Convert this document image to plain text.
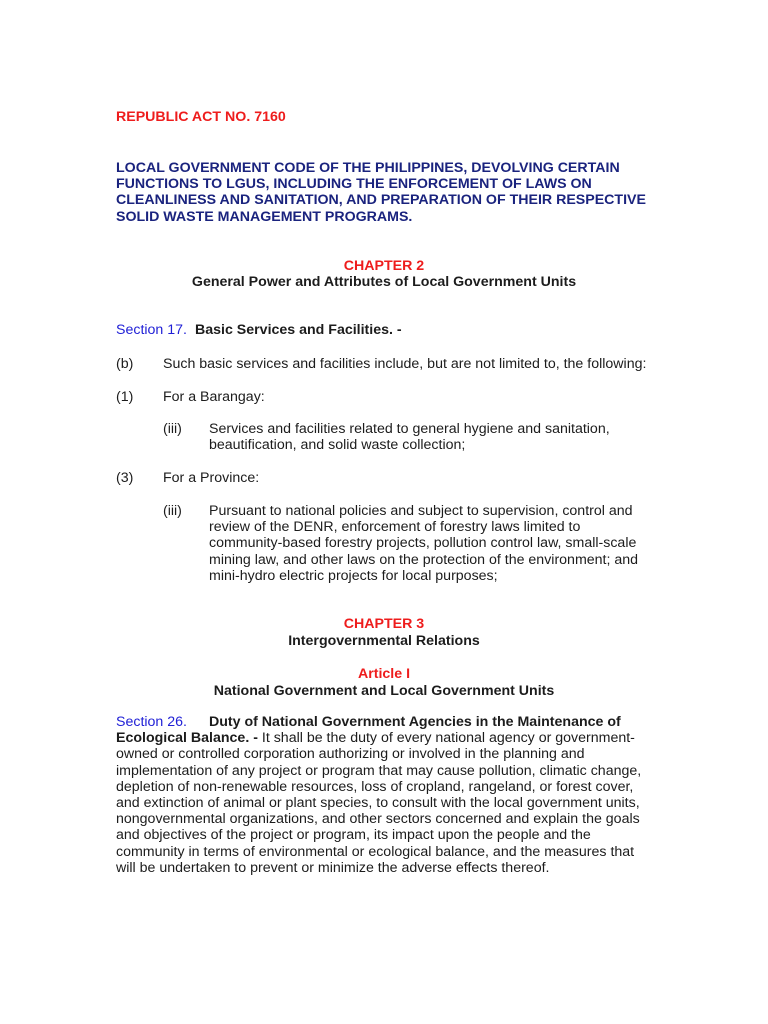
REPUBLIC ACT NO. 7160

LOCAL GOVERNMENT CODE OF THE PHILIPPINES, DEVOLVING CERTAIN
FUNCTIONS TO LGUS, INCLUDING THE ENFORCEMENT OF LAWS ON
CLEANLINESS AND SANITATION, AND PREPARATION OF THEIR RESPECTIVE
SOLID WASTE MANAGEMENT PROGRAMS.

CHAPTER 2

General Power and Attributes of Local Government Units

Section 17. Basic Services and Facilities. -

(b) Such basic services and facilities include, but are not limited to, the following:

(1) For a Barangay:

(iii) Services and facilities related to general hygiene and sanitation,
beautification, and solid waste collection;

(3) For a Province:

(iii) Pursuant to national policies and subject to supervision, control and
review of the DENR, enforcement of forestry laws limited to
community-based forestry projects, pollution control law, small-scale
mining law, and other laws on the protection of the environment; and
mini-hydro electric projects for local purposes;

CHAPTER 3

Intergovernmental Relations

Article I

National Government and Local Government Units

Section 26. Duty of National Government Agencies in the Maintenance of
Ecological Balance. - It shall be the duty of every national agency or government-
owned or controlled corporation authorizing or involved in the planning and
implementation of any project or program that may cause pollution, climatic change,
depletion of non-renewable resources, loss of cropland, rangeland, or forest cover,
and extinction of animal or plant species, to consult with the local government units,
nongovernmental organizations, and other sectors concerned and explain the goals
and objectives of the project or program, its impact upon the people and the
community in terms of environmental or ecological balance, and the measures that
will be undertaken to prevent or minimize the adverse effects thereof.
